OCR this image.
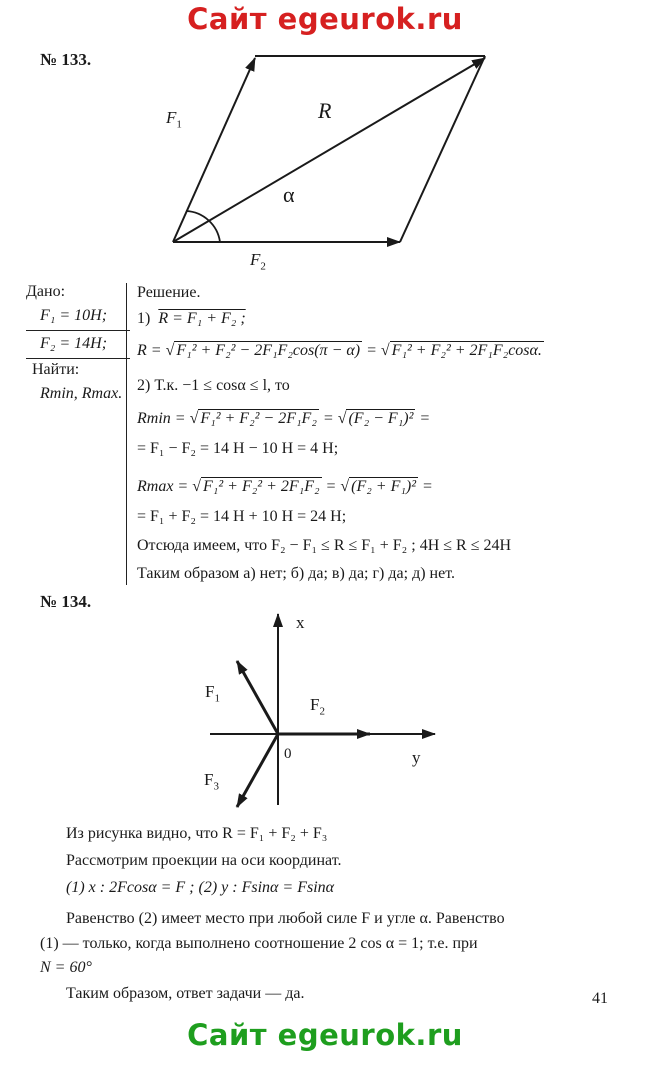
Сайт egeurok.ru
№ 133.
$F_1$
R
α
$F_2$
Дано:
F₁ = 10H;
F₂ = 14H;
Найти:
Rmin, Rmax.
Решение.
1) R = F₁ + F₂ ;
R = √ F₁² + F₂² − 2F₁F₂cos(π − α) = √ F₁² + F₂² + 2F₁F₂cosα.
2) Т.к. −1 ≤ cosα ≤ l, то
Rmin = √ F₁² + F₂² − 2F₁F₂ = √ (F₂ − F₁)² =
= F₁ − F₂ = 14 Н − 10 Н = 4 Н;
Rmax = √ F₁² + F₂² + 2F₁F₂ = √ (F₂ + F₁)² =
= F₁ + F₂ = 14 Н + 10 Н = 24 Н;
Отсюда имеем, что F₂ − F₁ ≤ R ≤ F₁ + F₂ ; 4H ≤ R ≤ 24H
Таким образом а) нет; б) да; в) да; г) да; д) нет.
№ 134.
x
y
0
$F_1$	$F_2$
$F_3$
Из рисунка видно, что R = F₁ + F₂ + F₃
Рассмотрим проекции на оси координат.
(1) x : 2Fcosα = F ; (2) y : Fsinα = Fsinα
Равенство (2) имеет место при любой силе F и угле α. Равенство
(1) — только, когда выполнено соотношение 2 cos α = 1; т.е. при
N = 60°
Таким образом, ответ задачи — да.	41
Сайт egeurok.ru
